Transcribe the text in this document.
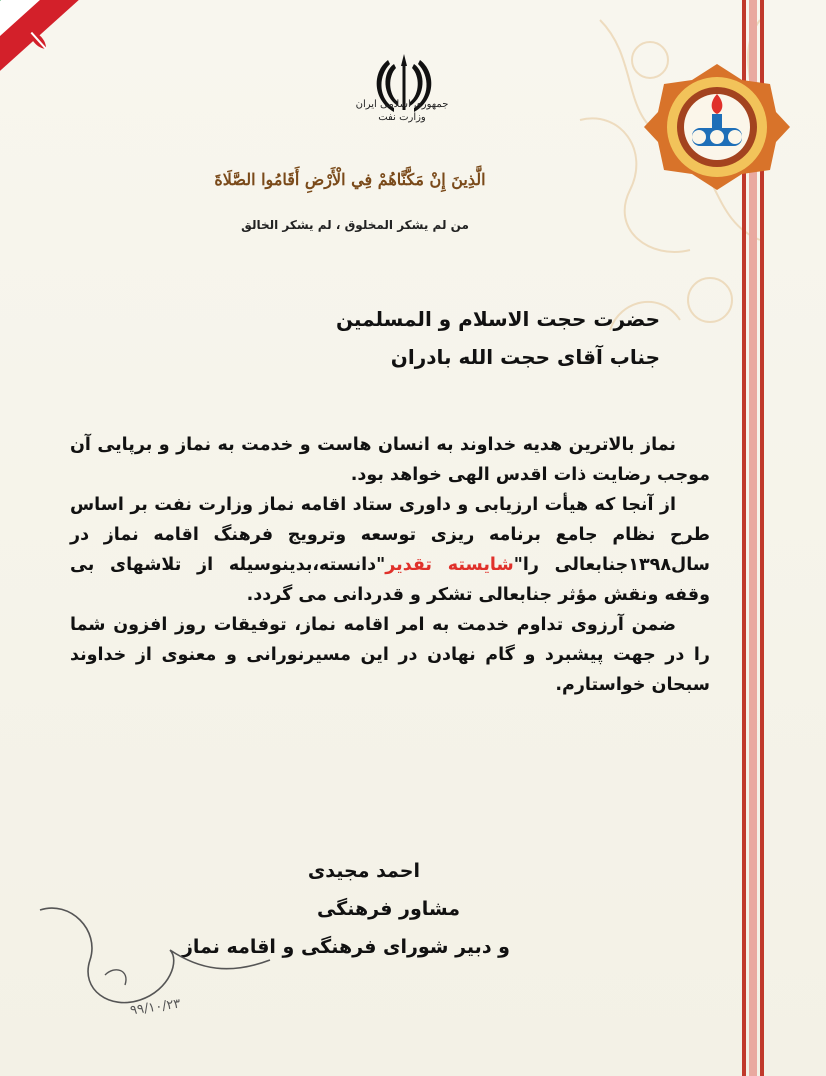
جمهوری اسلامی ایران
وزارت نفت
الَّذِينَ إِنْ مَكَّنَّاهُمْ فِي الْأَرْضِ أَقَامُوا الصَّلَاةَ
من لم یشکر المخلوق ، لم یشکر الخالق
حضرت حجت الاسلام و المسلمین
جناب آقای حجت الله بادران

نماز بالاترین هدیه خداوند به انسان هاست و خدمت به نماز و برپایی آن موجب رضایت ذات اقدس الهی خواهد بود.

از آنجا که هیأت ارزیابی و داوری ستاد اقامه نماز وزارت نفت بر اساس طرح نظام جامع برنامه ریزی توسعه وترویج فرهنگ اقامه نماز در سال۱۳۹۸جنابعالی را"شایسته تقدیر"دانسته،بدینوسیله از تلاشهای بی وقفه ونقش مؤثر جنابعالی تشکر و قدردانی می گردد.

ضمن آرزوی تداوم خدمت به امر اقامه نماز، توفیقات روز افزون شما را در جهت پیشبرد و گام نهادن در این مسیرنورانی و معنوی از خداوند سبحان خواستارم.

احمد مجیدی
مشاور فرهنگی
و دبیر شورای فرهنگی و اقامه نماز
۹۹/۱۰/۲۳
